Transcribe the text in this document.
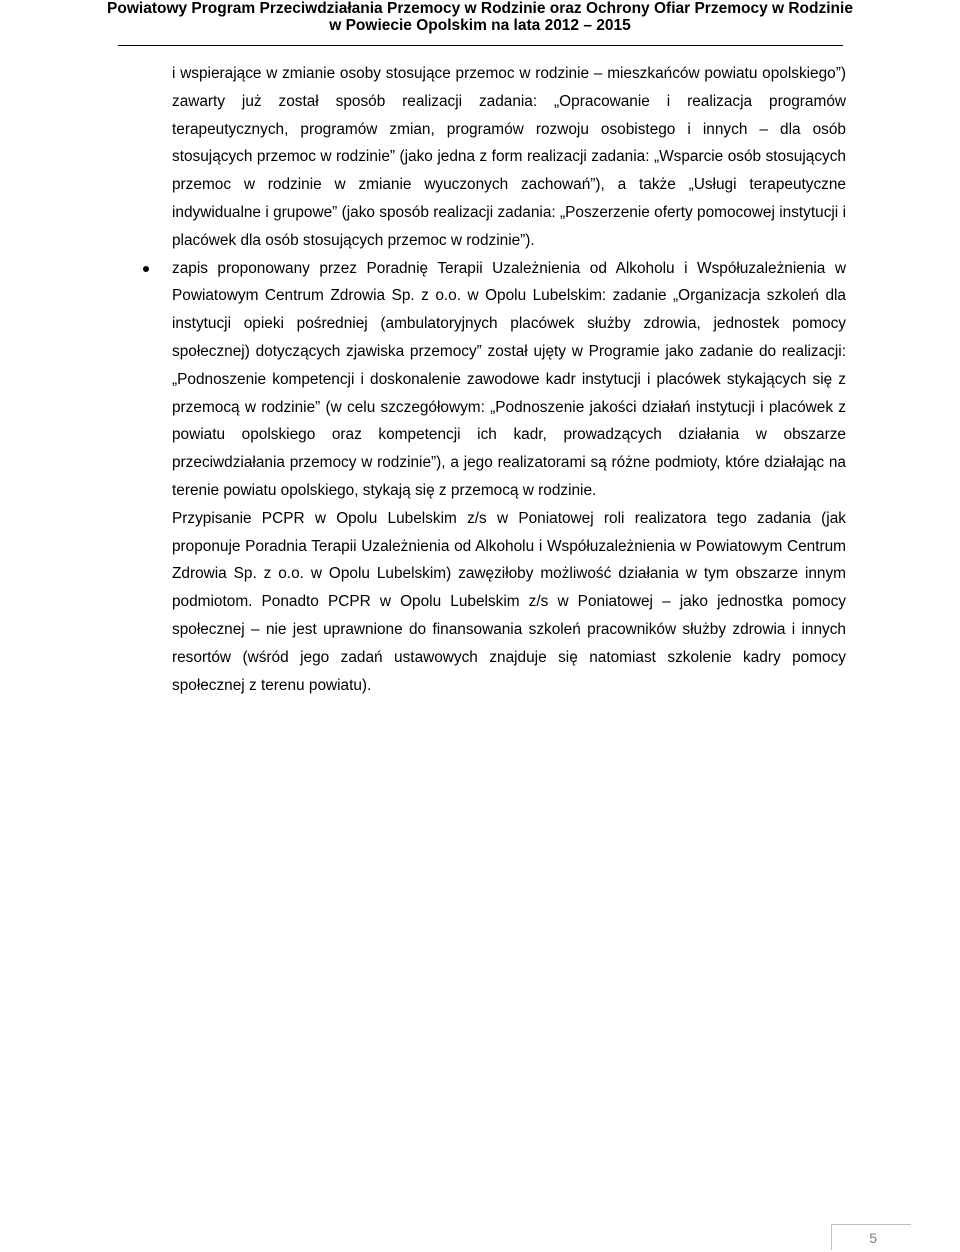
Powiatowy Program Przeciwdziałania Przemocy w Rodzinie oraz Ochrony Ofiar Przemocy w Rodzinie
w Powiecie Opolskim na lata 2012 – 2015

i wspierające w zmianie osoby stosujące przemoc w rodzinie – mieszkańców powiatu opolskiego”) zawarty już został sposób realizacji zadania: „Opracowanie i realizacja programów terapeutycznych, programów zmian, programów rozwoju osobistego i innych – dla osób stosujących przemoc w rodzinie” (jako jedna z form realizacji zadania: „Wsparcie osób stosujących przemoc w rodzinie w zmianie wyuczonych zachowań”), a także „Usługi terapeutyczne indywidualne i grupowe” (jako sposób realizacji zadania: „Poszerzenie oferty pomocowej instytucji i placówek dla osób stosujących przemoc w rodzinie”).

zapis proponowany przez Poradnię Terapii Uzależnienia od Alkoholu i Współuzależnienia w Powiatowym Centrum Zdrowia Sp. z o.o. w Opolu Lubelskim: zadanie „Organizacja szkoleń dla instytucji opieki pośredniej (ambulatoryjnych placówek służby zdrowia, jednostek pomocy społecznej) dotyczących zjawiska przemocy” został ujęty w Programie jako zadanie do realizacji: „Podnoszenie kompetencji i doskonalenie zawodowe kadr instytucji i placówek stykających się z przemocą w rodzinie” (w celu szczegółowym: „Podnoszenie jakości działań instytucji i placówek z powiatu opolskiego oraz kompetencji ich kadr, prowadzących działania w obszarze przeciwdziałania przemocy w rodzinie”), a jego realizatorami są różne podmioty, które działając na terenie powiatu opolskiego, stykają się z przemocą w rodzinie.

Przypisanie PCPR w Opolu Lubelskim z/s w Poniatowej roli realizatora tego zadania (jak proponuje Poradnia Terapii Uzależnienia od Alkoholu i Współuzależnienia w Powiatowym Centrum Zdrowia Sp. z o.o. w Opolu Lubelskim) zawęziłoby możliwość działania w tym obszarze innym podmiotom. Ponadto PCPR w Opolu Lubelskim z/s w Poniatowej – jako jednostka pomocy społecznej – nie jest uprawnione do finansowania szkoleń pracowników służby zdrowia i innych resortów (wśród jego zadań ustawowych znajduje się natomiast szkolenie kadry pomocy społecznej z terenu powiatu).

5
